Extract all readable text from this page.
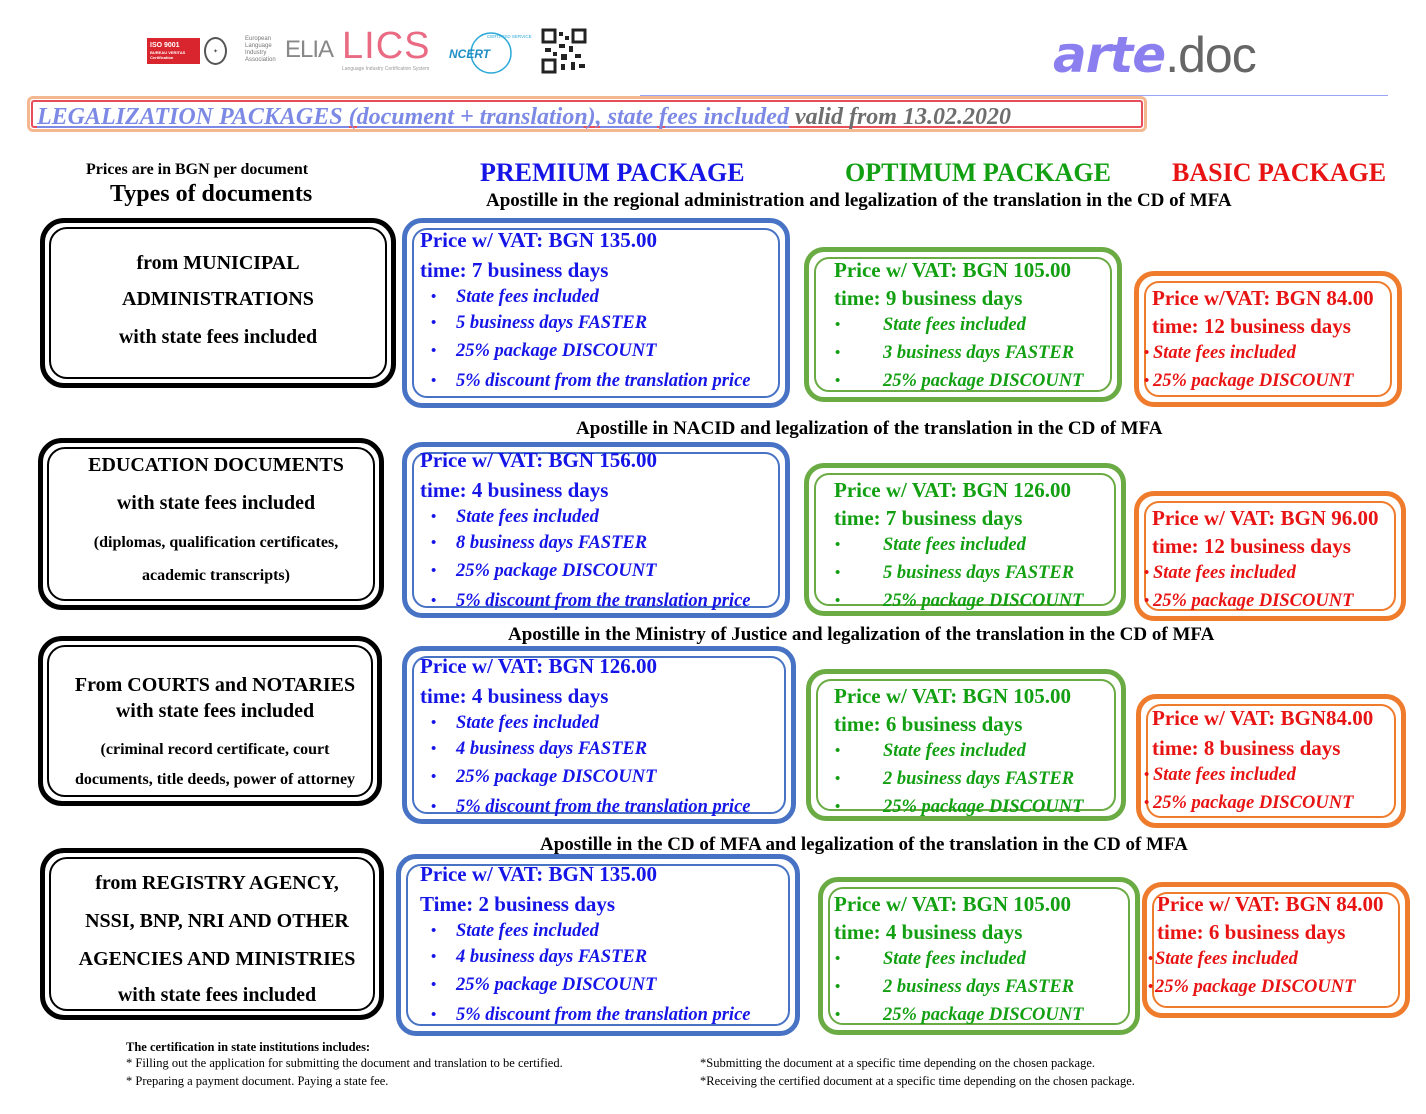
ISO 9001
BUREAU VERITAS Certification
✦
European Language Industry Association ELIA LICS
Language Industry Certification System
NCERT
CERTIFIED SERVICE	arte.doc
LEGALIZATION PACKAGES (document + translation), state fees included valid from 13.02.2020
Prices are in BGN per document
Types of documents
PREMIUM PACKAGE	OPTIMUM PACKAGE BASIC PACKAGE
Apostille in the regional administration and legalization of the translation in the CD of MFA
Apostille in NACID and legalization of the translation in the CD of MFA
Apostille in the Ministry of Justice and legalization of the translation in the CD of MFA
Apostille in the CD of MFA and legalization of the translation in the CD of MFA
from MUNICIPAL
ADMINISTRATIONS
with state fees included
Price w/ VAT: BGN 135.00
time: 7 business days
• State fees included
• 5 business days FASTER
• 25% package DISCOUNT
• 5% discount from the translation price
Price w/ VAT: BGN 105.00
time: 9 business days
• State fees included
• 3 business days FASTER
• 25% package DISCOUNT
Price w/VAT: BGN 84.00
time: 12 business days
• State fees included
• 25% package DISCOUNT
EDUCATION DOCUMENTS
with state fees included
(diplomas, qualification certificates,
academic transcripts)
Price w/ VAT: BGN 156.00
time: 4 business days
• State fees included
• 8 business days FASTER
• 25% package DISCOUNT
• 5% discount from the translation price
Price w/ VAT: BGN 126.00
time: 7 business days
• State fees included
• 5 business days FASTER
• 25% package DISCOUNT
Price w/ VAT: BGN 96.00
time: 12 business days
• State fees included
• 25% package DISCOUNT
From COURTS and NOTARIES
with state fees included
(criminal record certificate, court
documents, title deeds, power of attorney
Price w/ VAT: BGN 126.00
time: 4 business days
• State fees included
• 4 business days FASTER
• 25% package DISCOUNT
• 5% discount from the translation price
Price w/ VAT: BGN 105.00
time: 6 business days
• State fees included
• 2 business days FASTER
• 25% package DISCOUNT
Price w/ VAT: BGN84.00
time: 8 business days
• State fees included
• 25% package DISCOUNT
from REGISTRY AGENCY,
NSSI, BNP, NRI AND OTHER
AGENCIES AND MINISTRIES
with state fees included
Price w/ VAT: BGN 135.00
Time: 2 business days
• State fees included
• 4 business days FASTER
• 25% package DISCOUNT
• 5% discount from the translation price
Price w/ VAT: BGN 105.00
time: 4 business days
• State fees included
• 2 business days FASTER
• 25% package DISCOUNT
Price w/ VAT: BGN 84.00
time: 6 business days
• State fees included
• 25% package DISCOUNT
The certification in state institutions includes:
* Filling out the application for submitting the document and translation to be certified.
* Preparing a payment document. Paying a state fee.
*Submitting the document at a specific time depending on the chosen package.
*Receiving the certified document at a specific time depending on the chosen package.
